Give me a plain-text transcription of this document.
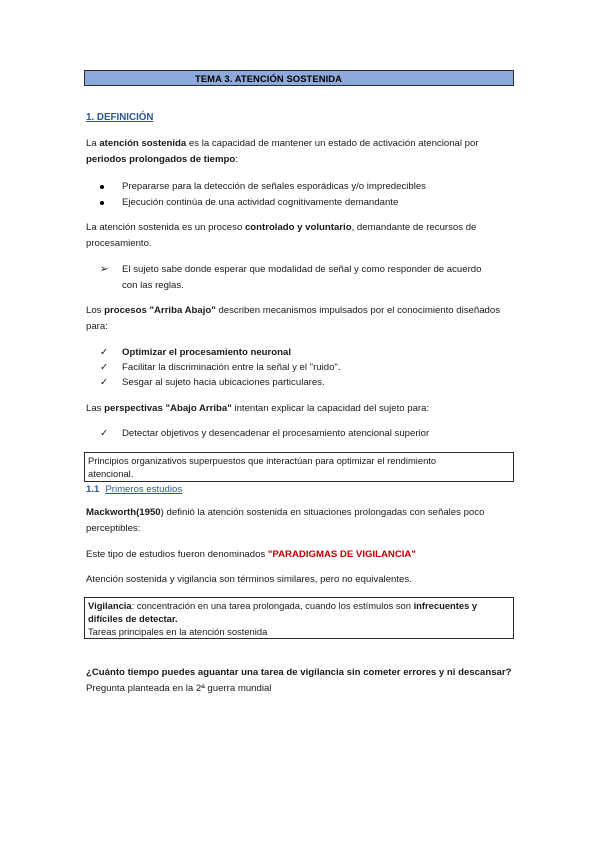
TEMA 3. ATENCIÓN SOSTENIDA
1. DEFINICIÓN
La atención sostenida es la capacidad de mantener un estado de activación atencional por
periodos prolongados de tiempo:
Prepararse para la detección de señales esporádicas y/o impredecibles
Ejecución continúa de una actividad cognitivamente demandante
La atención sostenida es un proceso controlado y voluntario, demandante de recursos de
procesamiento.
➢	El sujeto sabe donde esperar que modalidad de señal y como responder de acuerdo
con las reglas.
Los procesos "Arriba Abajo" describen mecanismos impulsados por el conocimiento diseñados
para:
✓	Optimizar el procesamiento neuronal
✓	Facilitar la discriminación entre la señal y el "ruido".
✓	Sesgar al sujeto hacia ubicaciones particulares.
Las perspectivas "Abajo Arriba" intentan explicar la capacidad del sujeto para:
✓	Detectar objetivos y desencadenar el procesamiento atencional superior
Principios organizativos superpuestos que interactúan para optimizar el rendimiento
atencional.
1.1 Primeros estudios
Mackworth(1950) definió la atención sostenida en situaciones prolongadas con señales poco
perceptibles:
Este tipo de estudios fueron denominados "PARADIGMAS DE VIGILANCIA"
Atención sostenida y vigilancia son términos similares, pero no equivalentes.
Vigilancia: concentración en una tarea prolongada, cuando los estímulos son infrecuentes y
difíciles de detectar.
Tareas principales en la atención sostenida
¿Cuánto tiempo puedes aguantar una tarea de vigilancia sin cometer errores y ni descansar?
Pregunta planteada en la 2ª guerra mundial
